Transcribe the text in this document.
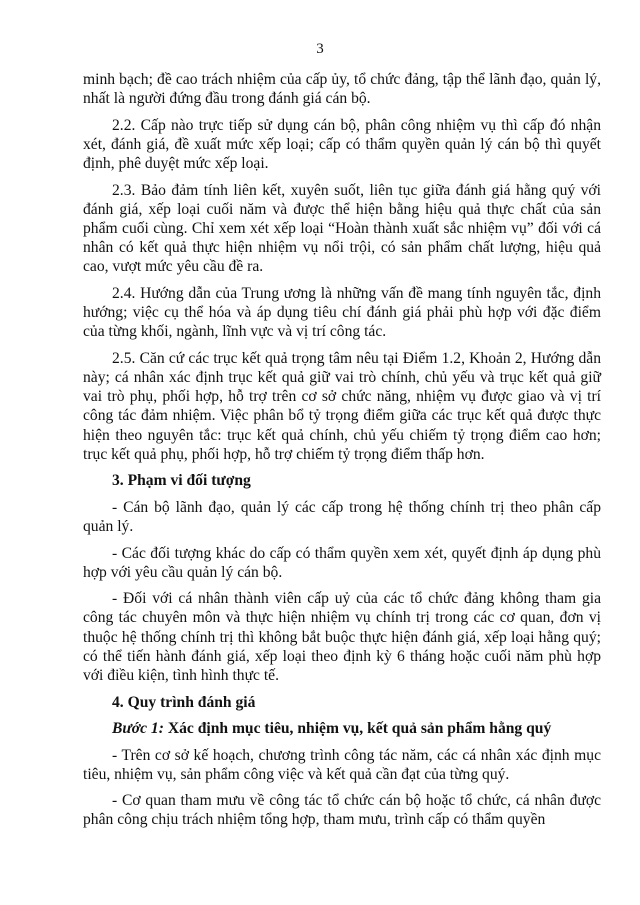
3

minh bạch; đề cao trách nhiệm của cấp ủy, tổ chức đảng, tập thể lãnh đạo, quản lý, nhất là người đứng đầu trong đánh giá cán bộ.

2.2. Cấp nào trực tiếp sử dụng cán bộ, phân công nhiệm vụ thì cấp đó nhận xét, đánh giá, đề xuất mức xếp loại; cấp có thẩm quyền quản lý cán bộ thì quyết định, phê duyệt mức xếp loại.

2.3. Bảo đảm tính liên kết, xuyên suốt, liên tục giữa đánh giá hằng quý với đánh giá, xếp loại cuối năm và được thể hiện bằng hiệu quả thực chất của sản phẩm cuối cùng. Chỉ xem xét xếp loại “Hoàn thành xuất sắc nhiệm vụ” đối với cá nhân có kết quả thực hiện nhiệm vụ nổi trội, có sản phẩm chất lượng, hiệu quả cao, vượt mức yêu cầu đề ra.

2.4. Hướng dẫn của Trung ương là những vấn đề mang tính nguyên tắc, định hướng; việc cụ thể hóa và áp dụng tiêu chí đánh giá phải phù hợp với đặc điểm của từng khối, ngành, lĩnh vực và vị trí công tác.

2.5. Căn cứ các trục kết quả trọng tâm nêu tại Điểm 1.2, Khoản 2, Hướng dẫn này; cá nhân xác định trục kết quả giữ vai trò chính, chủ yếu và trục kết quả giữ vai trò phụ, phối hợp, hỗ trợ trên cơ sở chức năng, nhiệm vụ được giao và vị trí công tác đảm nhiệm. Việc phân bổ tỷ trọng điểm giữa các trục kết quả được thực hiện theo nguyên tắc: trục kết quả chính, chủ yếu chiếm tỷ trọng điểm cao hơn; trục kết quả phụ, phối hợp, hỗ trợ chiếm tỷ trọng điểm thấp hơn.

3. Phạm vi đối tượng

- Cán bộ lãnh đạo, quản lý các cấp trong hệ thống chính trị theo phân cấp quản lý.

- Các đối tượng khác do cấp có thẩm quyền xem xét, quyết định áp dụng phù hợp với yêu cầu quản lý cán bộ.

- Đối với cá nhân thành viên cấp uỷ của các tổ chức đảng không tham gia công tác chuyên môn và thực hiện nhiệm vụ chính trị trong các cơ quan, đơn vị thuộc hệ thống chính trị thì không bắt buộc thực hiện đánh giá, xếp loại hằng quý; có thể tiến hành đánh giá, xếp loại theo định kỳ 6 tháng hoặc cuối năm phù hợp với điều kiện, tình hình thực tế.

4. Quy trình đánh giá

Bước 1: Xác định mục tiêu, nhiệm vụ, kết quả sản phẩm hằng quý

- Trên cơ sở kế hoạch, chương trình công tác năm, các cá nhân xác định mục tiêu, nhiệm vụ, sản phẩm công việc và kết quả cần đạt của từng quý.

- Cơ quan tham mưu về công tác tổ chức cán bộ hoặc tổ chức, cá nhân được phân công chịu trách nhiệm tổng hợp, tham mưu, trình cấp có thẩm quyền
